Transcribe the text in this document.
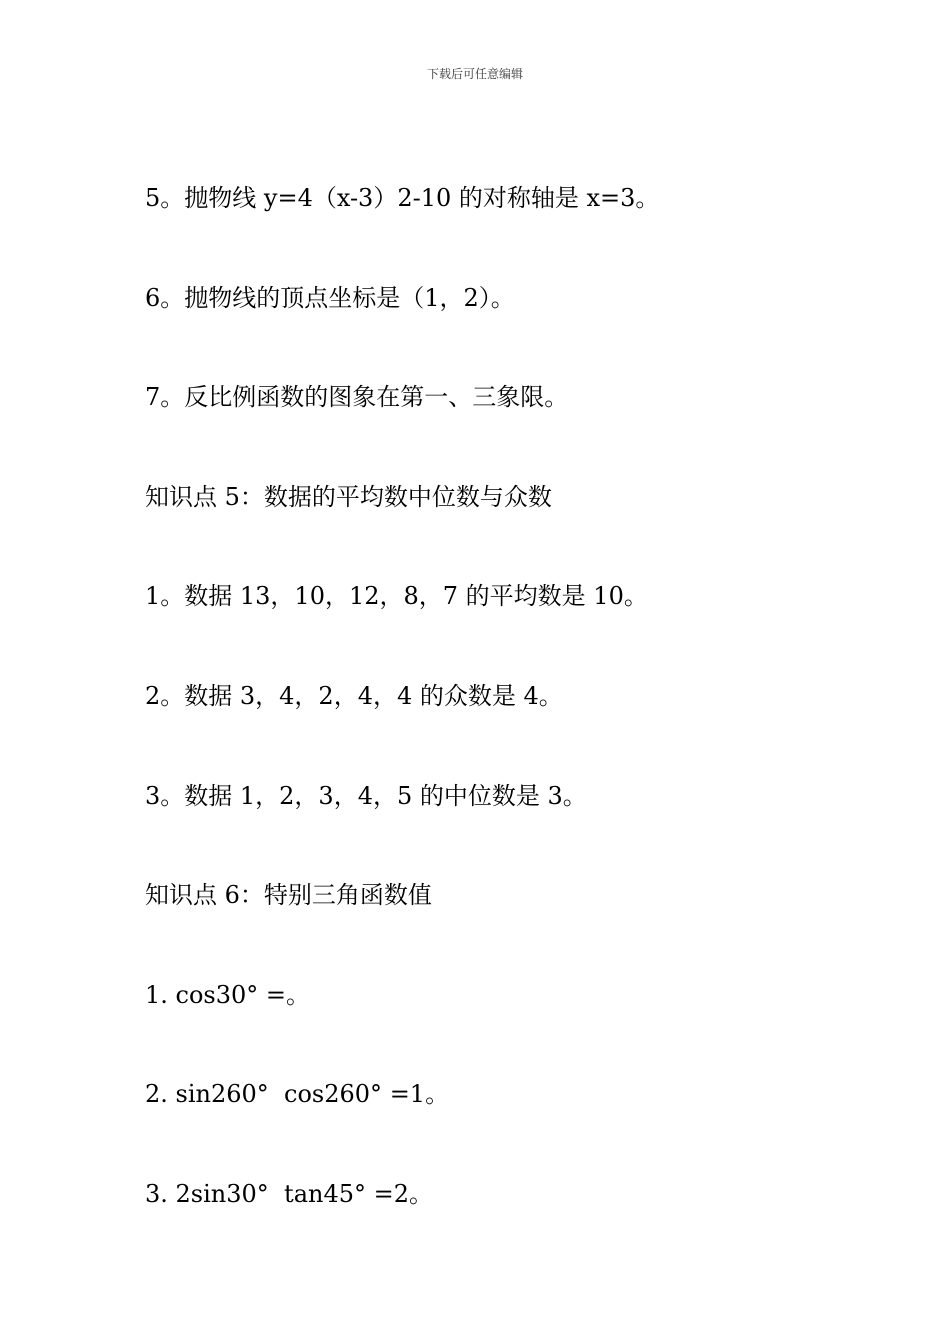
下载后可任意编辑
5。抛物线 y=4（x-3）2-10 的对称轴是 x=3。
6。抛物线的顶点坐标是（1，2）。
7。反比例函数的图象在第一、三象限。
知识点 5：数据的平均数中位数与众数
1。数据 13，10，12，8，7 的平均数是 10。
2。数据 3，4，2，4，4 的众数是 4。
3。数据 1，2，3，4，5 的中位数是 3。
知识点 6：特别三角函数值
1. cos30° =。
2. sin260°  cos260° =1。
3. 2sin30°  tan45° =2。
